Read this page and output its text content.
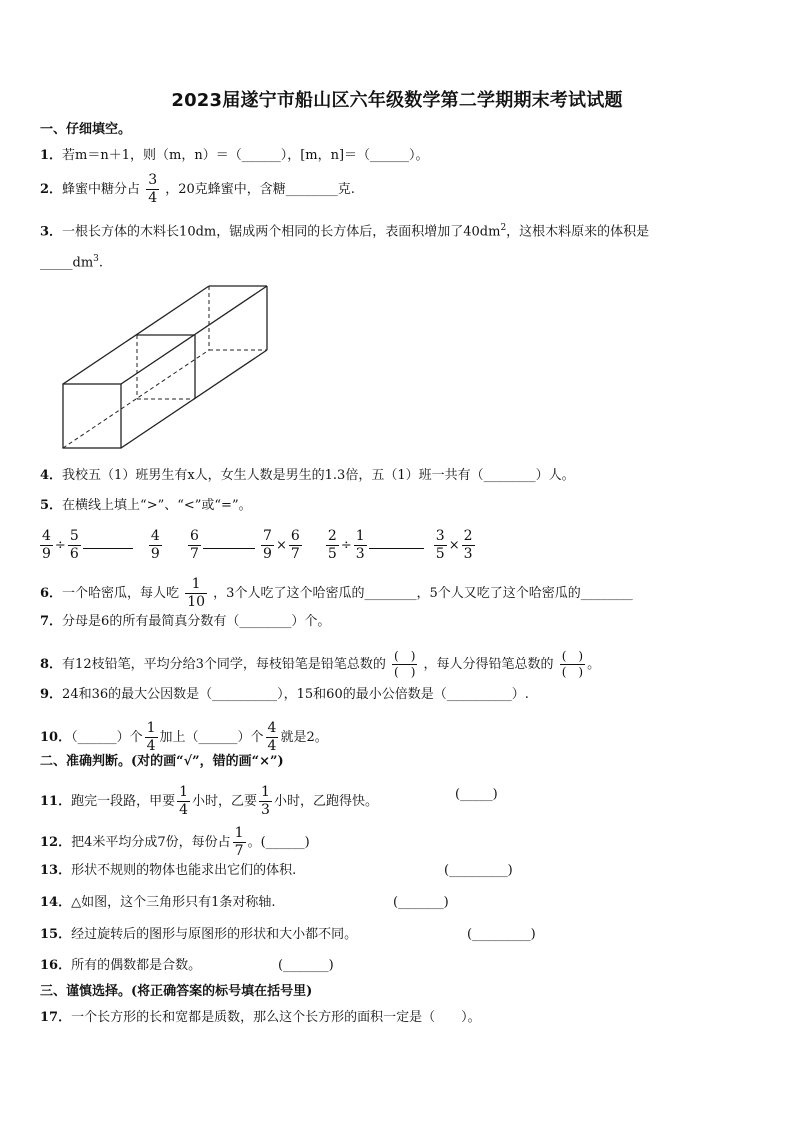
2023届遂宁市船山区六年级数学第二学期期末考试试题
一、仔细填空。
1．若m＝n＋1，则（m，n）＝（______），[m，n]＝（______）。
2．蜂蜜中糖分占 $\frac{3}{4}$ ，20克蜂蜜中，含糖________克.
3．一根长方体的木料长10dm，锯成两个相同的长方体后，表面积增加了$40dm^2$，这根木料原来的体积是
$\_\_\_\_\_dm^3$.
4．我校五（1）班男生有x人，女生人数是男生的1.3倍，五（1）班一共有（________）人。
5．在横线上填上“>”、“<”或“=”。
$\frac{4}{9} \div \frac{5}{6}$
	$\frac{4}{9}$
$\frac{6}{7}$
	$\frac{7}{9} \times \frac{6}{7}$
$\frac{2}{5} \div \frac{1}{3}$
	$\frac{3}{5} \times \frac{2}{3}$
6．一个哈密瓜，每人吃 $\frac{1}{10}$ ，3个人吃了这个哈密瓜的________，5个人又吃了这个哈密瓜的________
7．分母是6的所有最简真分数有（________）个。
8．有12枝铅笔，平均分给3个同学，每枝铅笔是铅笔总数的 $\frac{( )}{( )}$ ，每人分得铅笔总数的 $\frac{( )}{( )}$ 。
9．24和36的最大公因数是（__________），15和60的最小公倍数是（__________）.
10．（______）个 $\frac{1}{4}$ 加上（______）个 $\frac{4}{4}$ 就是2。
二、准确判断。(对的画“√”，错的画“×”)
11．跑完一段路，甲要 $\frac{1}{4}$ 小时，乙要 $\frac{1}{3}$ 小时，乙跑得快。	(_____)
12．把4米平均分成7份，每份占 $\frac{1}{7}$ 。(______)
13．形状不规则的物体也能求出它们的体积.	(_________)
14．△如图，这个三角形只有1条对称轴.	(_______)
15．经过旋转后的图形与原图形的形状和大小都不同。	(_________)
16．所有的偶数都是合数。	(_______)
三、谨慎选择。(将正确答案的标号填在括号里)
17．一个长方形的长和宽都是质数，那么这个长方形的面积一定是（　　）。
